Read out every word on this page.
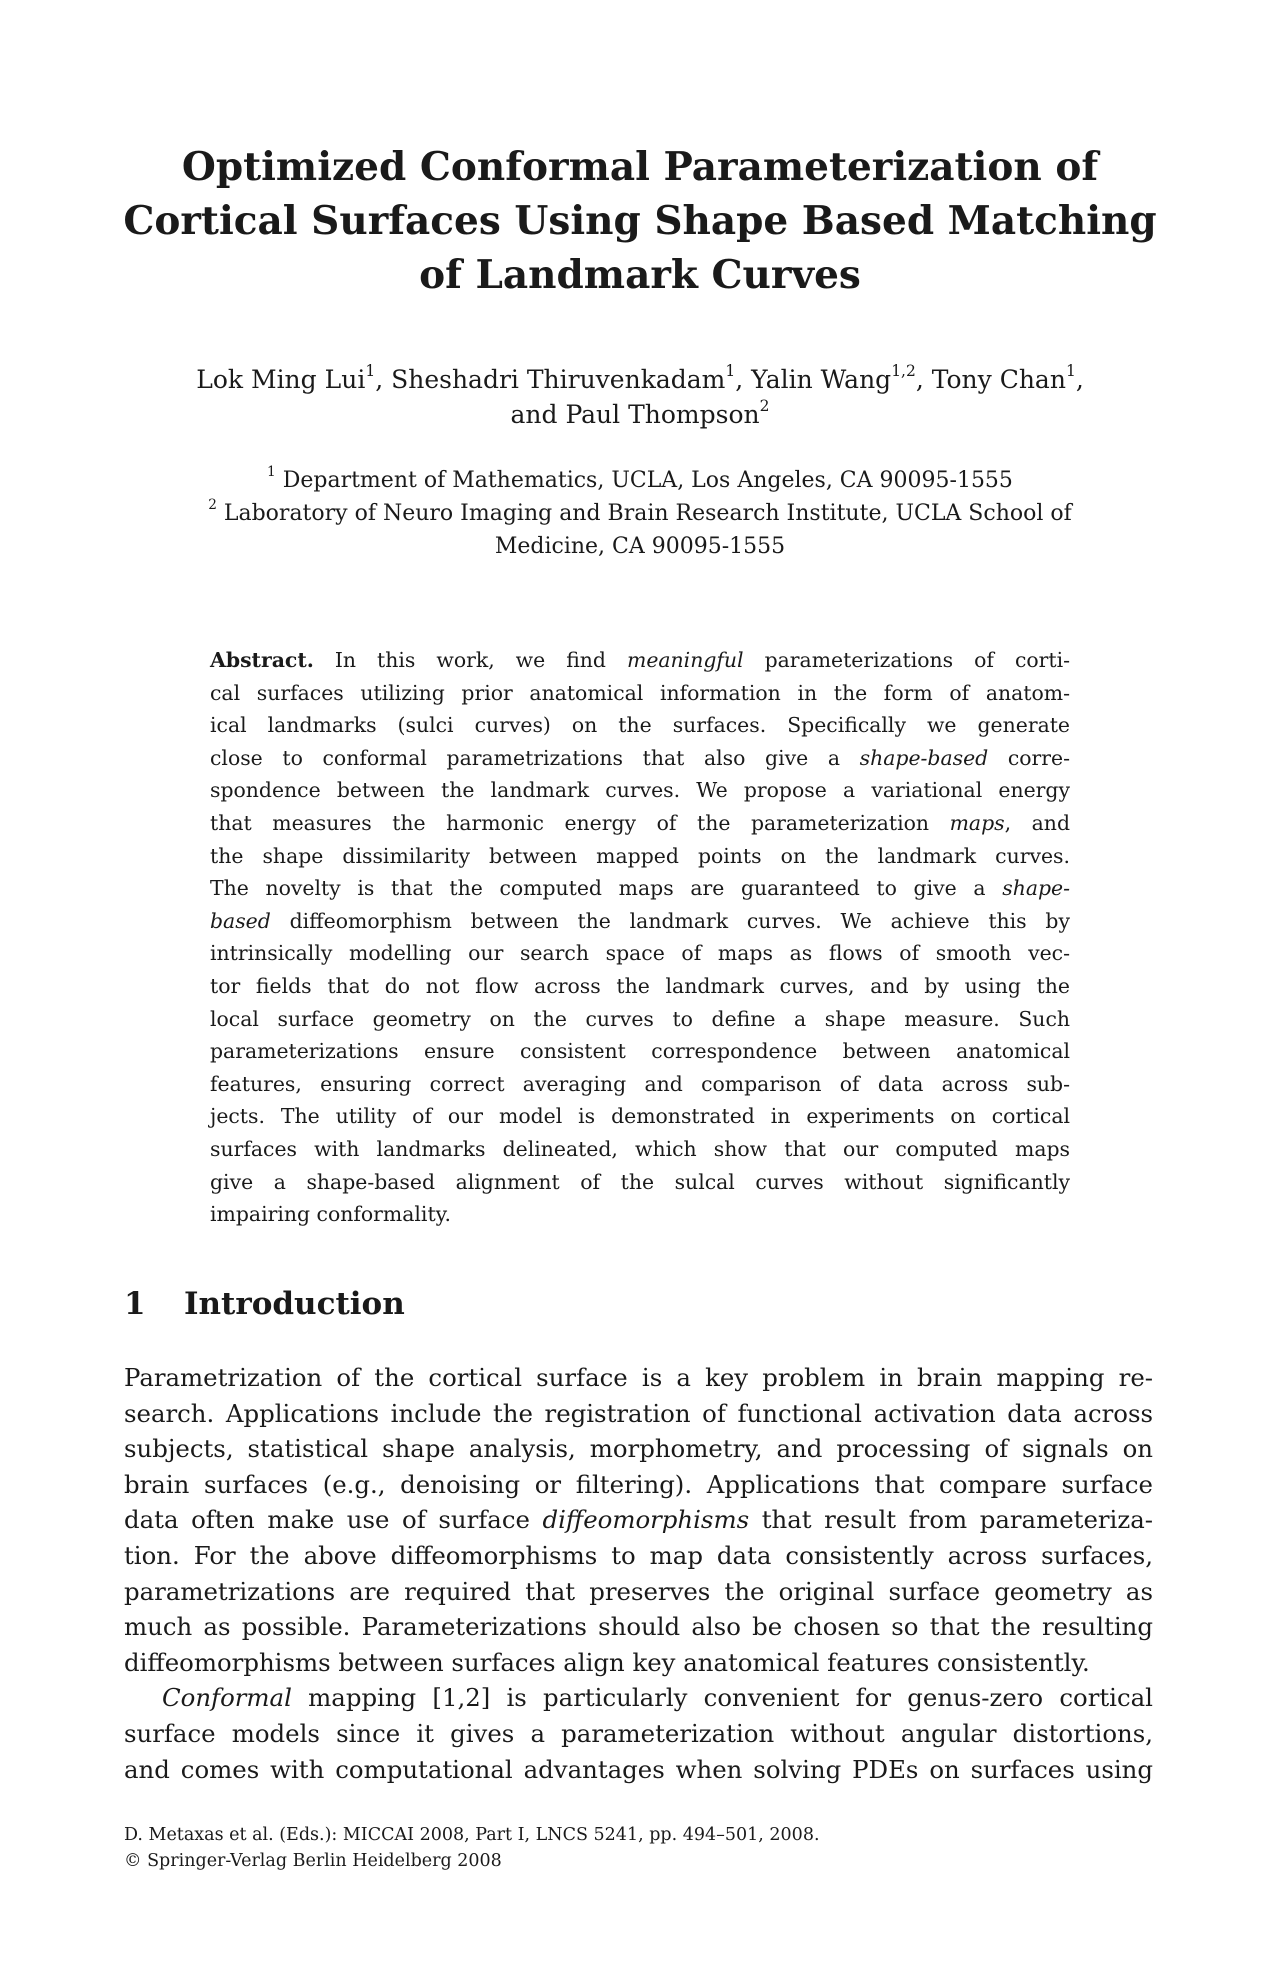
Optimized Conformal Parameterization of
Cortical Surfaces Using Shape Based Matching
of Landmark Curves
Lok Ming Lui$^1$, Sheshadri Thiruvenkadam$^1$, Yalin Wang$^{1,2}$, Tony Chan$^1$,
and Paul Thompson$^2$
$^1$ Department of Mathematics, UCLA, Los Angeles, CA 90095-1555
$^2$ Laboratory of Neuro Imaging and Brain Research Institute, UCLA School of
Medicine, CA 90095-1555
Abstract. In this work, we find meaningful parameterizations of corti-
cal surfaces utilizing prior anatomical information in the form of anatom-
ical landmarks (sulci curves) on the surfaces. Specifically we generate
close to conformal parametrizations that also give a shape-based corre-
spondence between the landmark curves. We propose a variational energy
that measures the harmonic energy of the parameterization maps, and
the shape dissimilarity between mapped points on the landmark curves.
The novelty is that the computed maps are guaranteed to give a shape-
based diffeomorphism between the landmark curves. We achieve this by
intrinsically modelling our search space of maps as flows of smooth vec-
tor fields that do not flow across the landmark curves, and by using the
local surface geometry on the curves to define a shape measure. Such
parameterizations ensure consistent correspondence between anatomical
features, ensuring correct averaging and comparison of data across sub-
jects. The utility of our model is demonstrated in experiments on cortical
surfaces with landmarks delineated, which show that our computed maps
give a shape-based alignment of the sulcal curves without significantly
impairing conformality.
1 Introduction
Parametrization of the cortical surface is a key problem in brain mapping re-
search. Applications include the registration of functional activation data across
subjects, statistical shape analysis, morphometry, and processing of signals on
brain surfaces (e.g., denoising or filtering). Applications that compare surface
data often make use of surface diffeomorphisms that result from parameteriza-
tion. For the above diffeomorphisms to map data consistently across surfaces,
parametrizations are required that preserves the original surface geometry as
much as possible. Parameterizations should also be chosen so that the resulting
diffeomorphisms between surfaces align key anatomical features consistently.
Conformal mapping [1,2] is particularly convenient for genus-zero cortical
surface models since it gives a parameterization without angular distortions,
and comes with computational advantages when solving PDEs on surfaces using
D. Metaxas et al. (Eds.): MICCAI 2008, Part I, LNCS 5241, pp. 494–501, 2008.
© Springer-Verlag Berlin Heidelberg 2008
